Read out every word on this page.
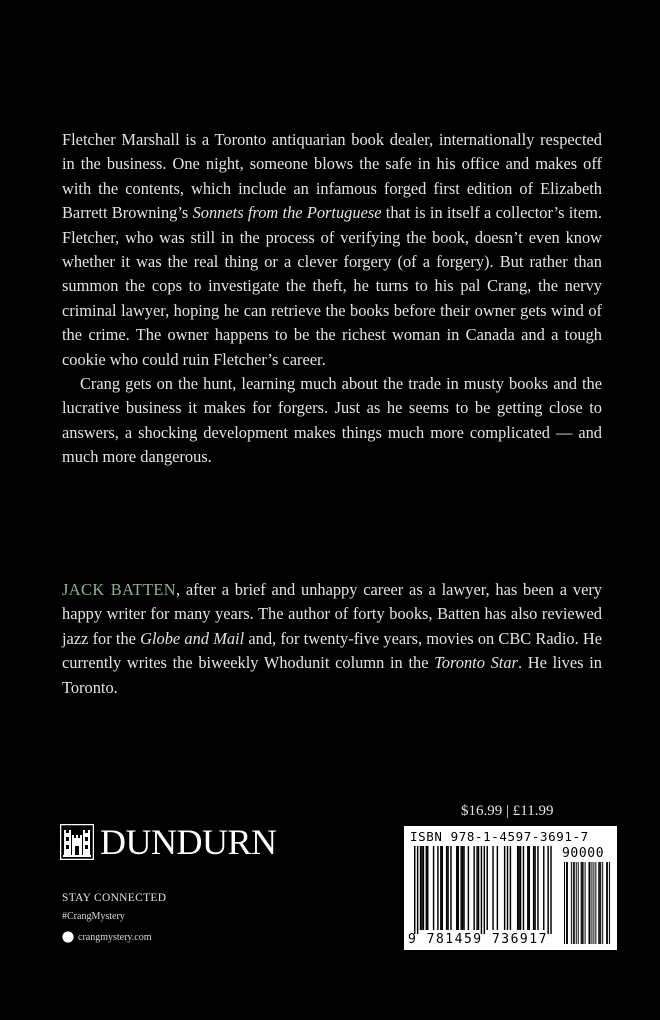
Fletcher Marshall is a Toronto antiquarian book dealer, internationally respected in the business. One night, someone blows the safe in his office and makes off with the contents, which include an infamous forged first edition of Elizabeth Barrett Browning’s Sonnets from the Portuguese that is in itself a collector’s item. Fletcher, who was still in the process of verifying the book, doesn’t even know whether it was the real thing or a clever forgery (of a forgery). But rather than summon the cops to investigate the theft, he turns to his pal Crang, the nervy criminal lawyer, hoping he can retrieve the books before their owner gets wind of the crime. The owner happens to be the richest woman in Canada and a tough cookie who could ruin Fletcher’s career.

Crang gets on the hunt, learning much about the trade in musty books and the lucrative business it makes for forgers. Just as he seems to be getting close to answers, a shocking development makes things much more complicated — and much more dangerous.

JACK BATTEN, after a brief and unhappy career as a lawyer, has been a very happy writer for many years. The author of forty books, Batten has also reviewed jazz for the Globe and Mail and, for twenty-five years, movies on CBC Radio. He currently writes the biweekly Whodunit column in the Toronto Star. He lives in Toronto.

$16.99 | £11.99
DUNDURN
STAY CONNECTED
#CrangMystery
crangmystery.com
ISBN 978-1-4597-3691-7
90000
9 781459 736917
